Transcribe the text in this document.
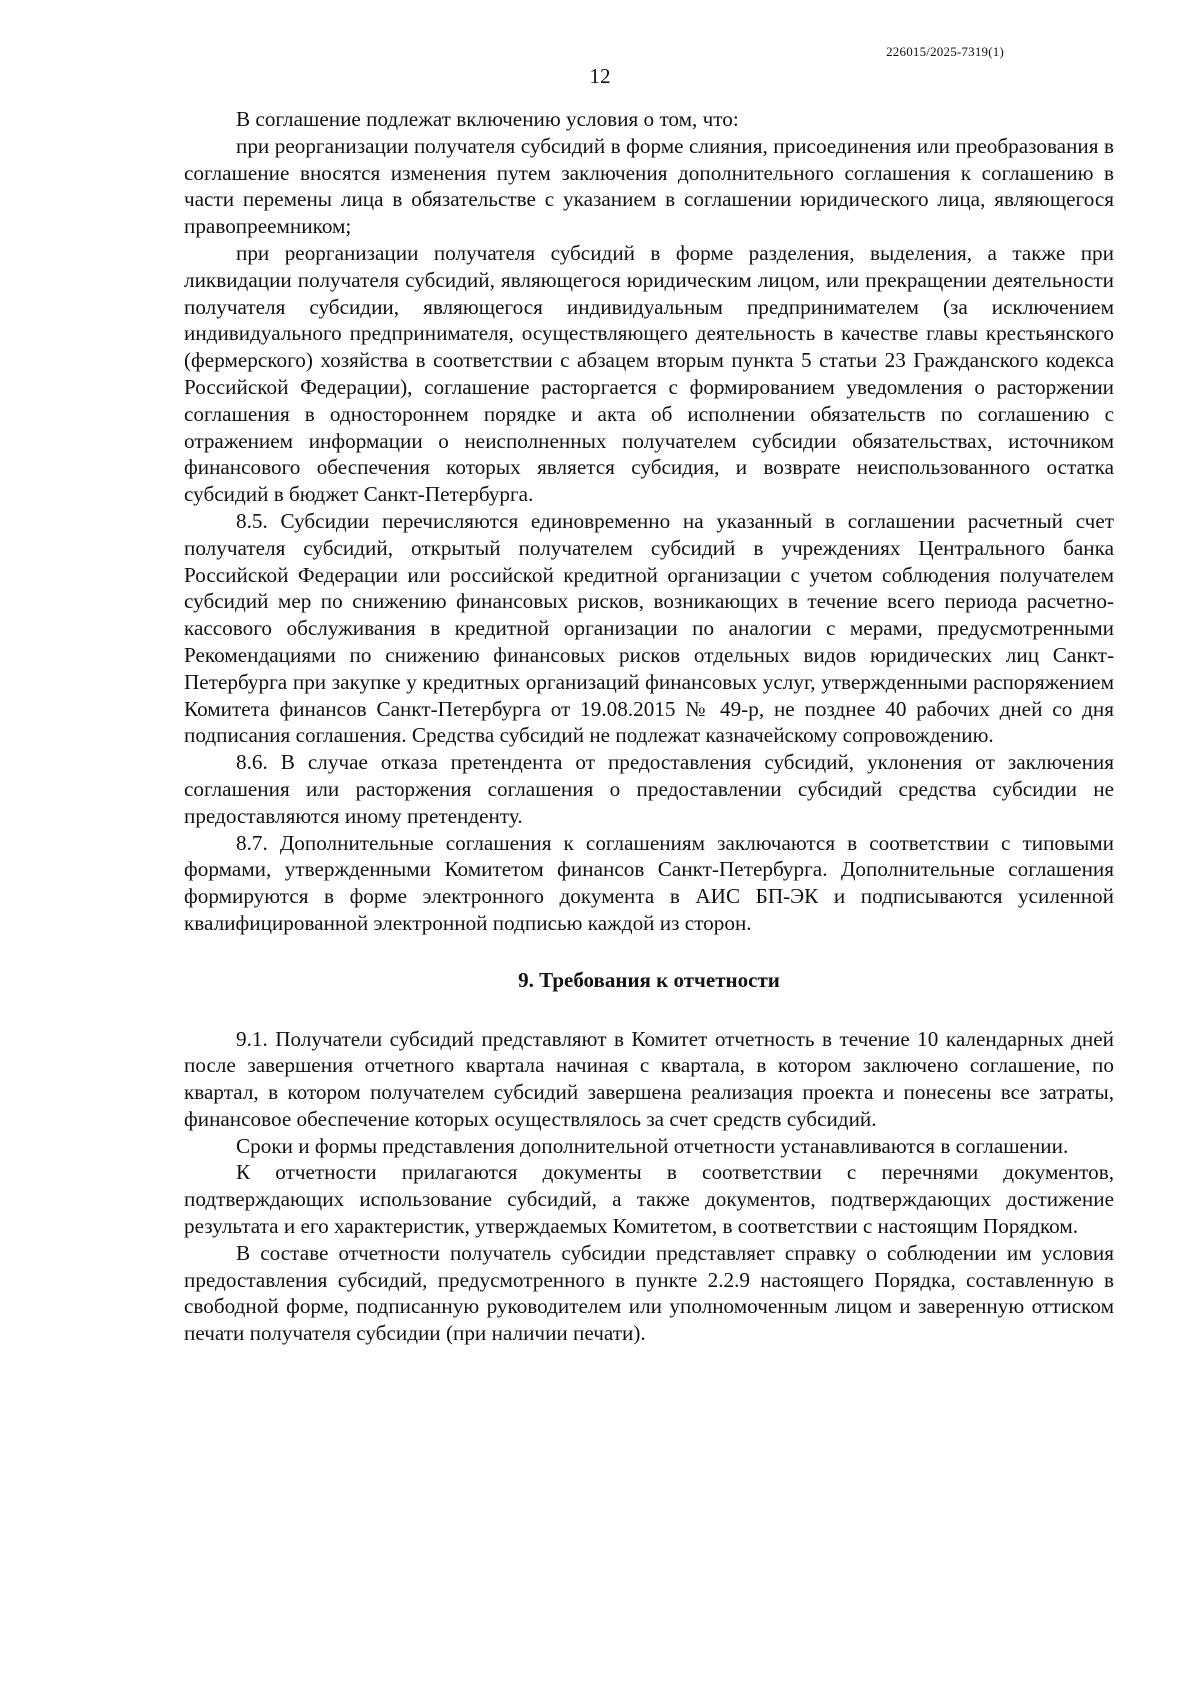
226015/2025-7319(1)
12

В соглашение подлежат включению условия о том, что:

при реорганизации получателя субсидий в форме слияния, присоединения или преобразования в соглашение вносятся изменения путем заключения дополнительного соглашения к соглашению в части перемены лица в обязательстве с указанием в соглашении юридического лица, являющегося правопреемником;

при реорганизации получателя субсидий в форме разделения, выделения, а также при ликвидации получателя субсидий, являющегося юридическим лицом, или прекращении деятельности получателя субсидии, являющегося индивидуальным предпринимателем (за исключением индивидуального предпринимателя, осуществляющего деятельность в качестве главы крестьянского (фермерского) хозяйства в соответствии с абзацем вторым пункта 5 статьи 23 Гражданского кодекса Российской Федерации), соглашение расторгается с формированием уведомления о расторжении соглашения в одностороннем порядке и акта об исполнении обязательств по соглашению с отражением информации о неисполненных получателем субсидии обязательствах, источником финансового обеспечения которых является субсидия, и возврате неиспользованного остатка субсидий в бюджет Санкт-Петербурга.

8.5. Субсидии перечисляются единовременно на указанный в соглашении расчетный счет получателя субсидий, открытый получателем субсидий в учреждениях Центрального банка Российской Федерации или российской кредитной организации с учетом соблюдения получателем субсидий мер по снижению финансовых рисков, возникающих в течение всего периода расчетно-кассового обслуживания в кредитной организации по аналогии с мерами, предусмотренными Рекомендациями по снижению финансовых рисков отдельных видов юридических лиц Санкт-Петербурга при закупке у кредитных организаций финансовых услуг, утвержденными распоряжением Комитета финансов Санкт-Петербурга от 19.08.2015 № 49-р, не позднее 40 рабочих дней со дня подписания соглашения. Средства субсидий не подлежат казначейскому сопровождению.

8.6. В случае отказа претендента от предоставления субсидий, уклонения от заключения соглашения или расторжения соглашения о предоставлении субсидий средства субсидии не предоставляются иному претенденту.

8.7. Дополнительные соглашения к соглашениям заключаются в соответствии с типовыми формами, утвержденными Комитетом финансов Санкт-Петербурга. Дополнительные соглашения формируются в форме электронного документа в АИС БП-ЭК и подписываются усиленной квалифицированной электронной подписью каждой из сторон.

9. Требования к отчетности

9.1. Получатели субсидий представляют в Комитет отчетность в течение 10 календарных дней после завершения отчетного квартала начиная с квартала, в котором заключено соглашение, по квартал, в котором получателем субсидий завершена реализация проекта и понесены все затраты, финансовое обеспечение которых осуществлялось за счет средств субсидий.

Сроки и формы представления дополнительной отчетности устанавливаются в соглашении.

К отчетности прилагаются документы в соответствии с перечнями документов, подтверждающих использование субсидий, а также документов, подтверждающих достижение результата и его характеристик, утверждаемых Комитетом, в соответствии с настоящим Порядком.

В составе отчетности получатель субсидии представляет справку о соблюдении им условия предоставления субсидий, предусмотренного в пункте 2.2.9 настоящего Порядка, составленную в свободной форме, подписанную руководителем или уполномоченным лицом и заверенную оттиском печати получателя субсидии (при наличии печати).
